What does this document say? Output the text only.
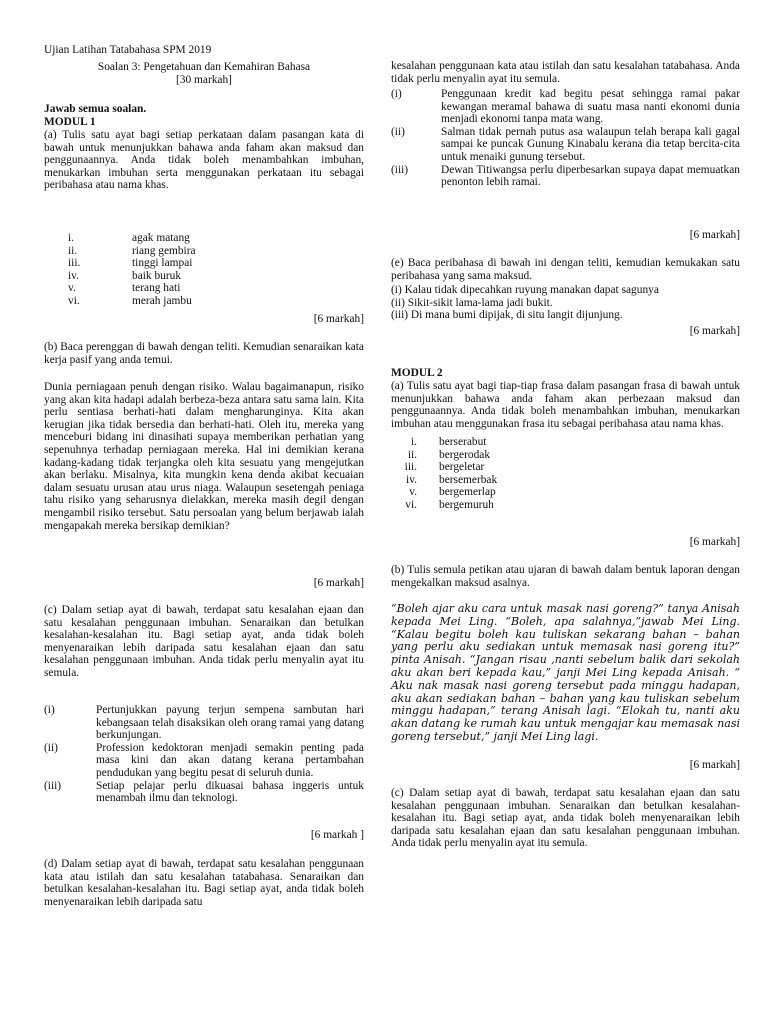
Ujian Latihan Tatabahasa SPM 2019

Soalan 3: Pengetahuan dan Kemahiran Bahasa

[30 markah]

Jawab semua soalan.

MODUL 1

(a) Tulis satu ayat bagi setiap perkataan dalam pasangan kata di bawah untuk menunjukkan bahawa anda faham akan maksud dan penggunaannya. Anda tidak boleh menambahkan imbuhan, menukarkan imbuhan serta menggunakan perkataan itu sebagai peribahasa atau nama khas.

i.	agak matang
ii.	riang gembira
iii.	tinggi lampai
iv.	baik buruk
v.	terang hati
vi.	merah jambu

[6 markah]

(b) Baca perenggan di bawah dengan teliti. Kemudian senaraikan kata kerja pasif yang anda temui.

Dunia perniagaan penuh dengan risiko. Walau bagaimanapun, risiko yang akan kita hadapi adalah berbeza-beza antara satu sama lain. Kita perlu sentiasa berhati-hati dalam mengharunginya. Kita akan kerugian jika tidak bersedia dan berhati-hati. Oleh itu, mereka yang menceburi bidang ini dinasihati supaya memberikan perhatian yang sepenuhnya terhadap perniagaan mereka. Hal ini demikian kerana kadang-kadang tidak terjangka oleh kita sesuatu yang mengejutkan akan berlaku. Misalnya, kita mungkin kena denda akibat kecuaian dalam sesuatu urusan atau urus niaga. Walaupun sesetengah peniaga tahu risiko yang seharusnya dielakkan, mereka masih degil dengan mengambil risiko tersebut. Satu persoalan yang belum berjawab ialah mengapakah mereka bersikap demikian?

[6 markah]

(c) Dalam setiap ayat di bawah, terdapat satu kesalahan ejaan dan satu kesalahan penggunaan imbuhan. Senaraikan dan betulkan kesalahan-kesalahan itu. Bagi setiap ayat, anda tidak boleh menyenaraikan lebih daripada satu kesalahan ejaan dan satu kesalahan penggunaan imbuhan. Anda tidak perlu menyalin ayat itu semula.

(i)	Pertunjukkan payung terjun sempena sambutan hari kebangsaan telah disaksikan oleh orang ramai yang datang berkunjungan.
(ii)	Profession kedoktoran menjadi semakin penting pada masa kini dan akan datang kerana pertambahan pendudukan yang begitu pesat di seluruh dunia.
(iii)	Setiap pelajar perlu dikuasai bahasa inggeris untuk menambah ilmu dan teknologi.

[6 markah ]

(d) Dalam setiap ayat di bawah, terdapat satu kesalahan penggunaan kata atau istilah dan satu kesalahan tatabahasa. Senaraikan dan betulkan kesalahan-kesalahan itu. Bagi setiap ayat, anda tidak boleh menyenaraikan lebih daripada satu

kesalahan penggunaan kata atau istilah dan satu kesalahan tatabahasa. Anda tidak perlu menyalin ayat itu semula.

(i)	Penggunaan kredit kad begitu pesat sehingga ramai pakar kewangan meramal bahawa di suatu masa nanti ekonomi dunia menjadi ekonomi tanpa mata wang.
(ii)	Salman tidak pernah putus asa walaupun telah berapa kali gagal sampai ke puncak Gunung Kinabalu kerana dia tetap bercita-cita untuk menaiki gunung tersebut.
(iii)	Dewan Titiwangsa perlu diperbesarkan supaya dapat memuatkan penonton lebih ramai.

[6 markah]

(e) Baca peribahasa di bawah ini dengan teliti, kemudian kemukakan satu peribahasa yang sama maksud.

(i) Kalau tidak dipecahkan ruyung manakan dapat sagunya

(ii) Sikit-sikit lama-lama jadi bukit.

(iii) Di mana bumi dipijak, di situ langit dijunjung.

[6 markah]

MODUL 2

(a) Tulis satu ayat bagi tiap-tiap frasa dalam pasangan frasa di bawah untuk menunjukkan bahawa anda faham akan perbezaan maksud dan penggunaannya. Anda tidak boleh menambahkan imbuhan, menukarkan imbuhan atau menggunakan frasa itu sebagai peribahasa atau nama khas.

i.	berserabut
ii.	bergerodak
iii.	bergeletar
iv.	bersemerbak
v.	bergemerlap
vi.	bergemuruh

[6 markah]

(b) Tulis semula petikan atau ujaran di bawah dalam bentuk laporan dengan mengekalkan maksud asalnya.

“Boleh ajar aku cara untuk masak nasi goreng?” tanya Anisah kepada Mei Ling. “Boleh, apa salahnya,”jawab Mei Ling. “Kalau begitu boleh kau tuliskan sekarang bahan – bahan yang perlu aku sediakan untuk memasak nasi goreng itu?” pinta Anisah. “Jangan risau ,nanti sebelum balik dari sekolah aku akan beri kepada kau,” janji Mei Ling kepada Anisah. “ Aku nak masak nasi goreng tersebut pada minggu hadapan, aku akan sediakan bahan – bahan yang kau tuliskan sebelum minggu hadapan,” terang Anisah lagi. “Elokah tu, nanti aku akan datang ke rumah kau untuk mengajar kau memasak nasi goreng tersebut,” janji Mei Ling lagi.

[6 markah]

(c) Dalam setiap ayat di bawah, terdapat satu kesalahan ejaan dan satu kesalahan penggunaan imbuhan. Senaraikan dan betulkan kesalahan-kesalahan itu. Bagi setiap ayat, anda tidak boleh menyenaraikan lebih daripada satu kesalahan ejaan dan satu kesalahan penggunaan imbuhan. Anda tidak perlu menyalin ayat itu semula.
